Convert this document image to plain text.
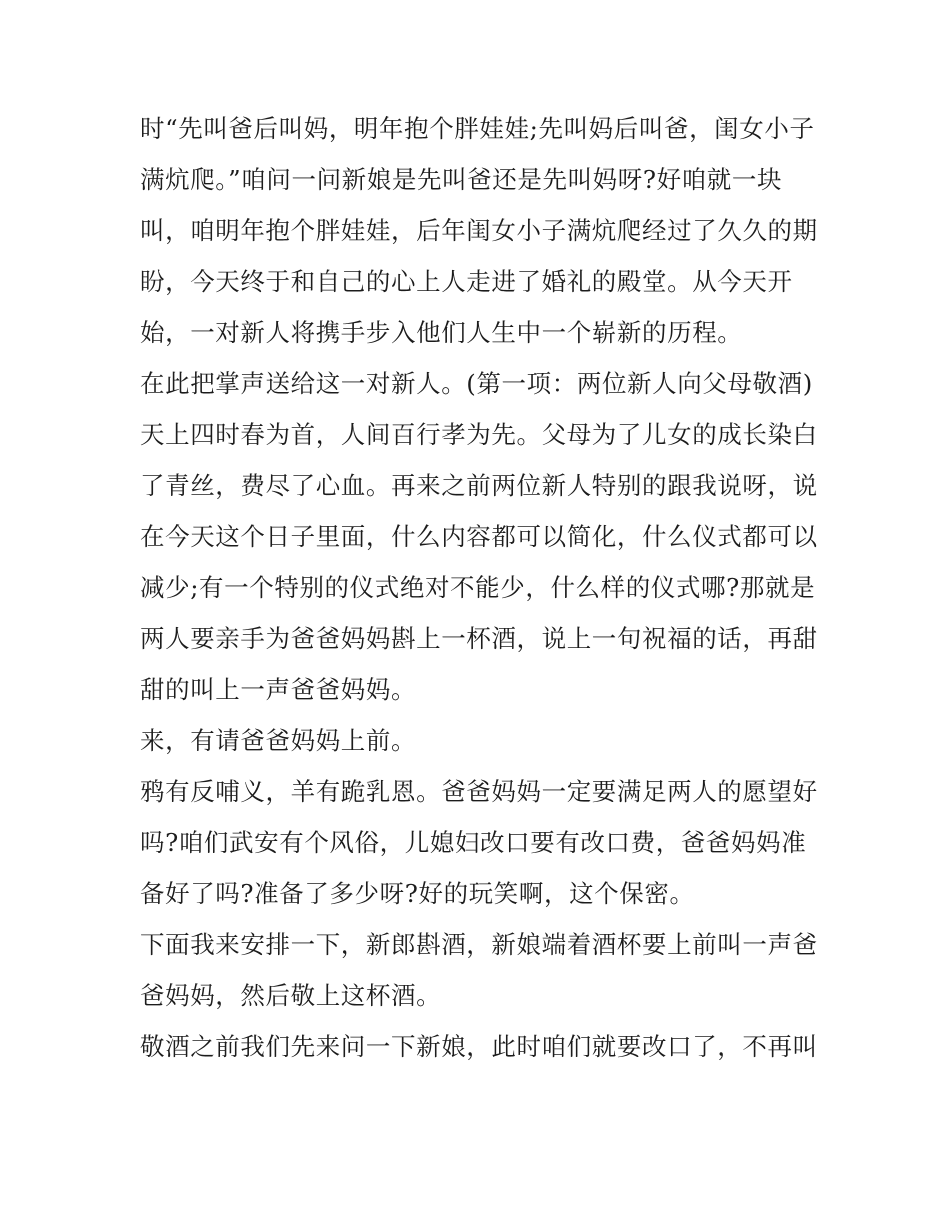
时“先叫爸后叫妈，明年抱个胖娃娃;先叫妈后叫爸，闺女小子满炕爬。”咱问一问新娘是先叫爸还是先叫妈呀?好咱就一块叫，咱明年抱个胖娃娃，后年闺女小子满炕爬经过了久久的期盼，今天终于和自己的心上人走进了婚礼的殿堂。从今天开始，一对新人将携手步入他们人生中一个崭新的历程。

在此把掌声送给这一对新人。(第一项：两位新人向父母敬酒)

天上四时春为首，人间百行孝为先。父母为了儿女的成长染白了青丝，费尽了心血。再来之前两位新人特别的跟我说呀，说在今天这个日子里面，什么内容都可以简化，什么仪式都可以减少;有一个特别的仪式绝对不能少，什么样的仪式哪?那就是两人要亲手为爸爸妈妈斟上一杯酒，说上一句祝福的话，再甜甜的叫上一声爸爸妈妈。

来，有请爸爸妈妈上前。

鸦有反哺义，羊有跪乳恩。爸爸妈妈一定要满足两人的愿望好吗?咱们武安有个风俗，儿媳妇改口要有改口费，爸爸妈妈准备好了吗?准备了多少呀?好的玩笑啊，这个保密。

下面我来安排一下，新郎斟酒，新娘端着酒杯要上前叫一声爸爸妈妈，然后敬上这杯酒。

敬酒之前我们先来问一下新娘，此时咱们就要改口了，不再叫
